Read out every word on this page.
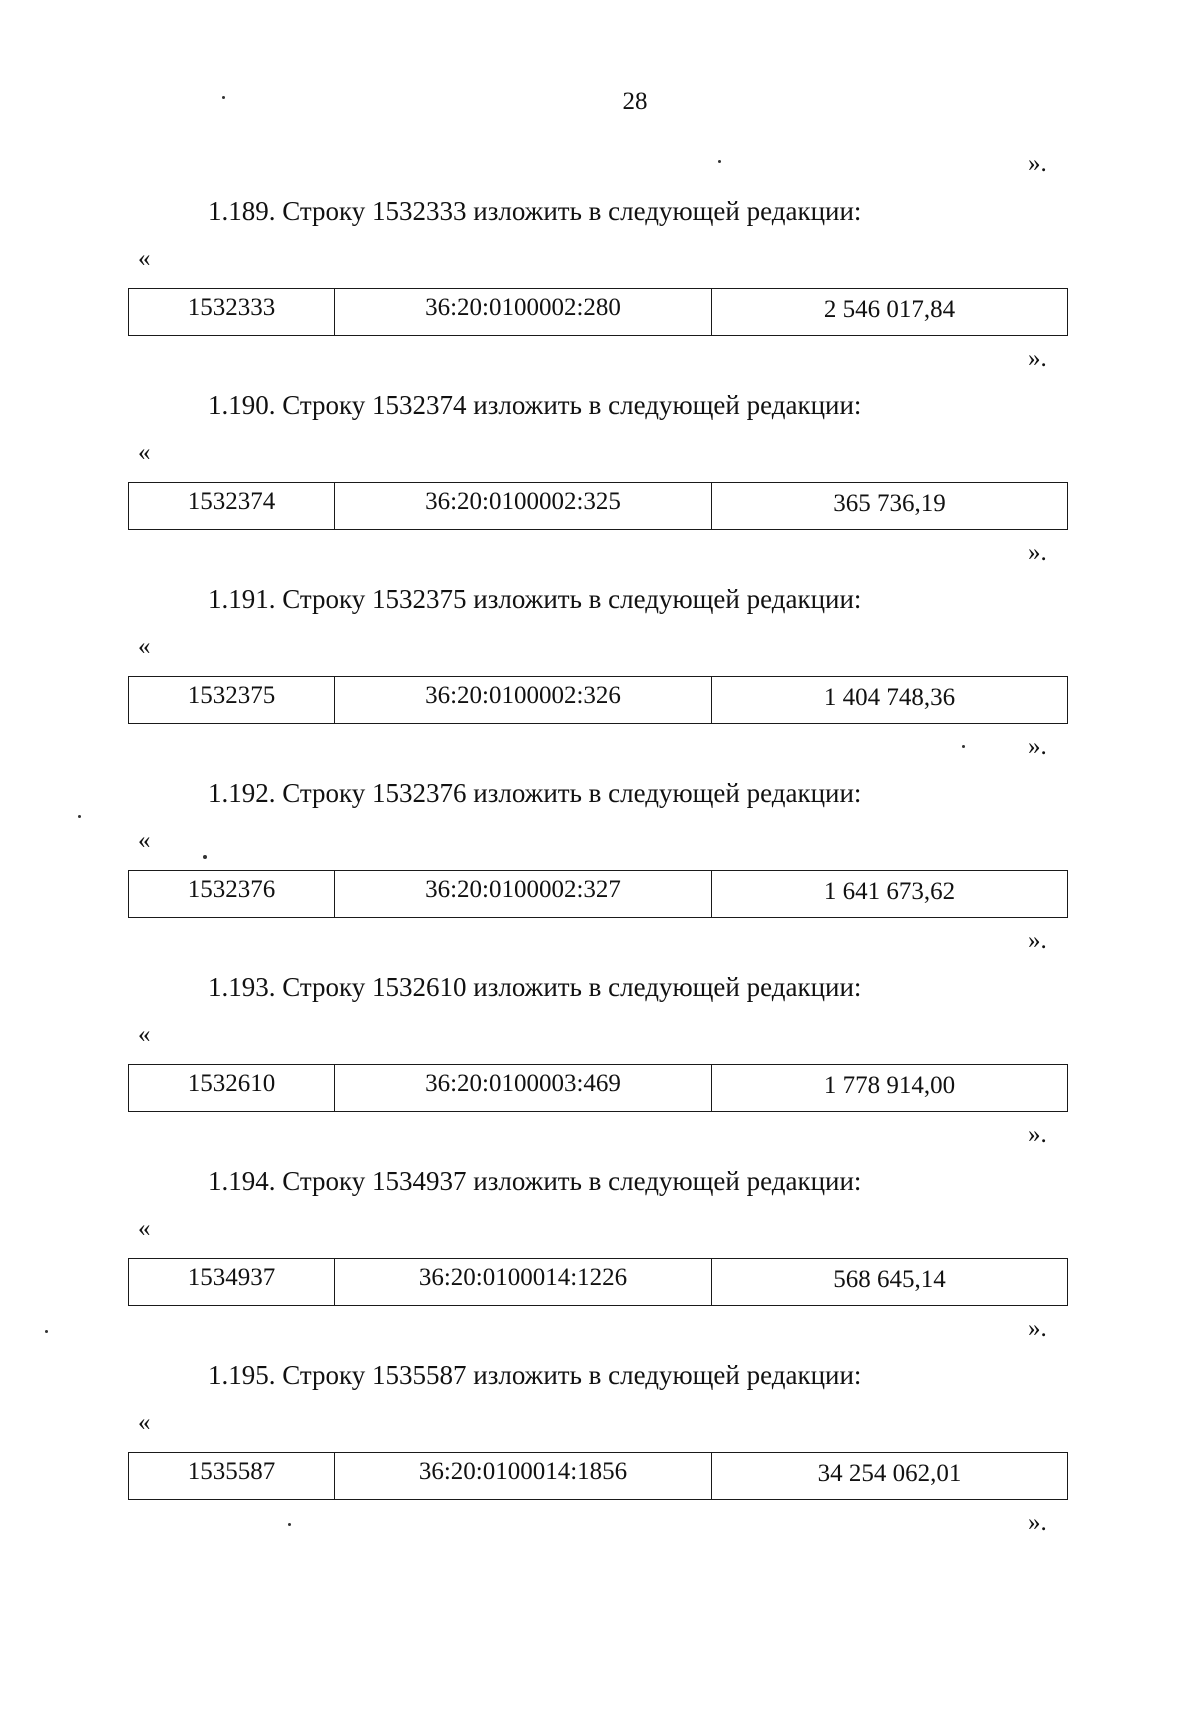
28
».
1.189. Строку 1532333 изложить в следующей редакции:
«
1532333	36:20:0100002:280	2 546 017,84
».
1.190. Строку 1532374 изложить в следующей редакции:
«
1532374	36:20:0100002:325	365 736,19
».
1.191. Строку 1532375 изложить в следующей редакции:
«
1532375	36:20:0100002:326	1 404 748,36
».
1.192. Строку 1532376 изложить в следующей редакции:
«
1532376	36:20:0100002:327	1 641 673,62
».
1.193. Строку 1532610 изложить в следующей редакции:
«
1532610	36:20:0100003:469	1 778 914,00
».
1.194. Строку 1534937 изложить в следующей редакции:
«
1534937	36:20:0100014:1226	568 645,14
».
1.195. Строку 1535587 изложить в следующей редакции:
«
1535587	36:20:0100014:1856	34 254 062,01
».
